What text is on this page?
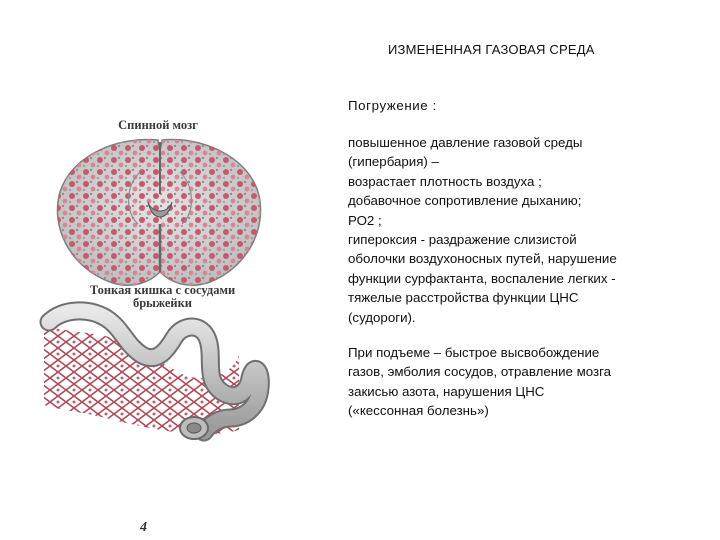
ИЗМЕНЕННАЯ ГАЗОВАЯ СРЕДА
Погружение :
повышенное давление газовой среды
(гипербария) –
возрастает плотность воздуха ;
добавочное сопротивление дыханию;
РО2 ;
гипероксия - раздражение слизистой
оболочки воздухоносных путей, нарушение
функции сурфактанта, воспаление легких -
тяжелые расстройства функции ЦНС
(судороги).
При подъеме – быстрое высвобождение
газов, эмболия сосудов, отравление мозга
закисью азота, нарушения ЦНС
(«кессонная болезнь»)
Спинной мозг
Тонкая кишка с сосудами
брыжейки
4
